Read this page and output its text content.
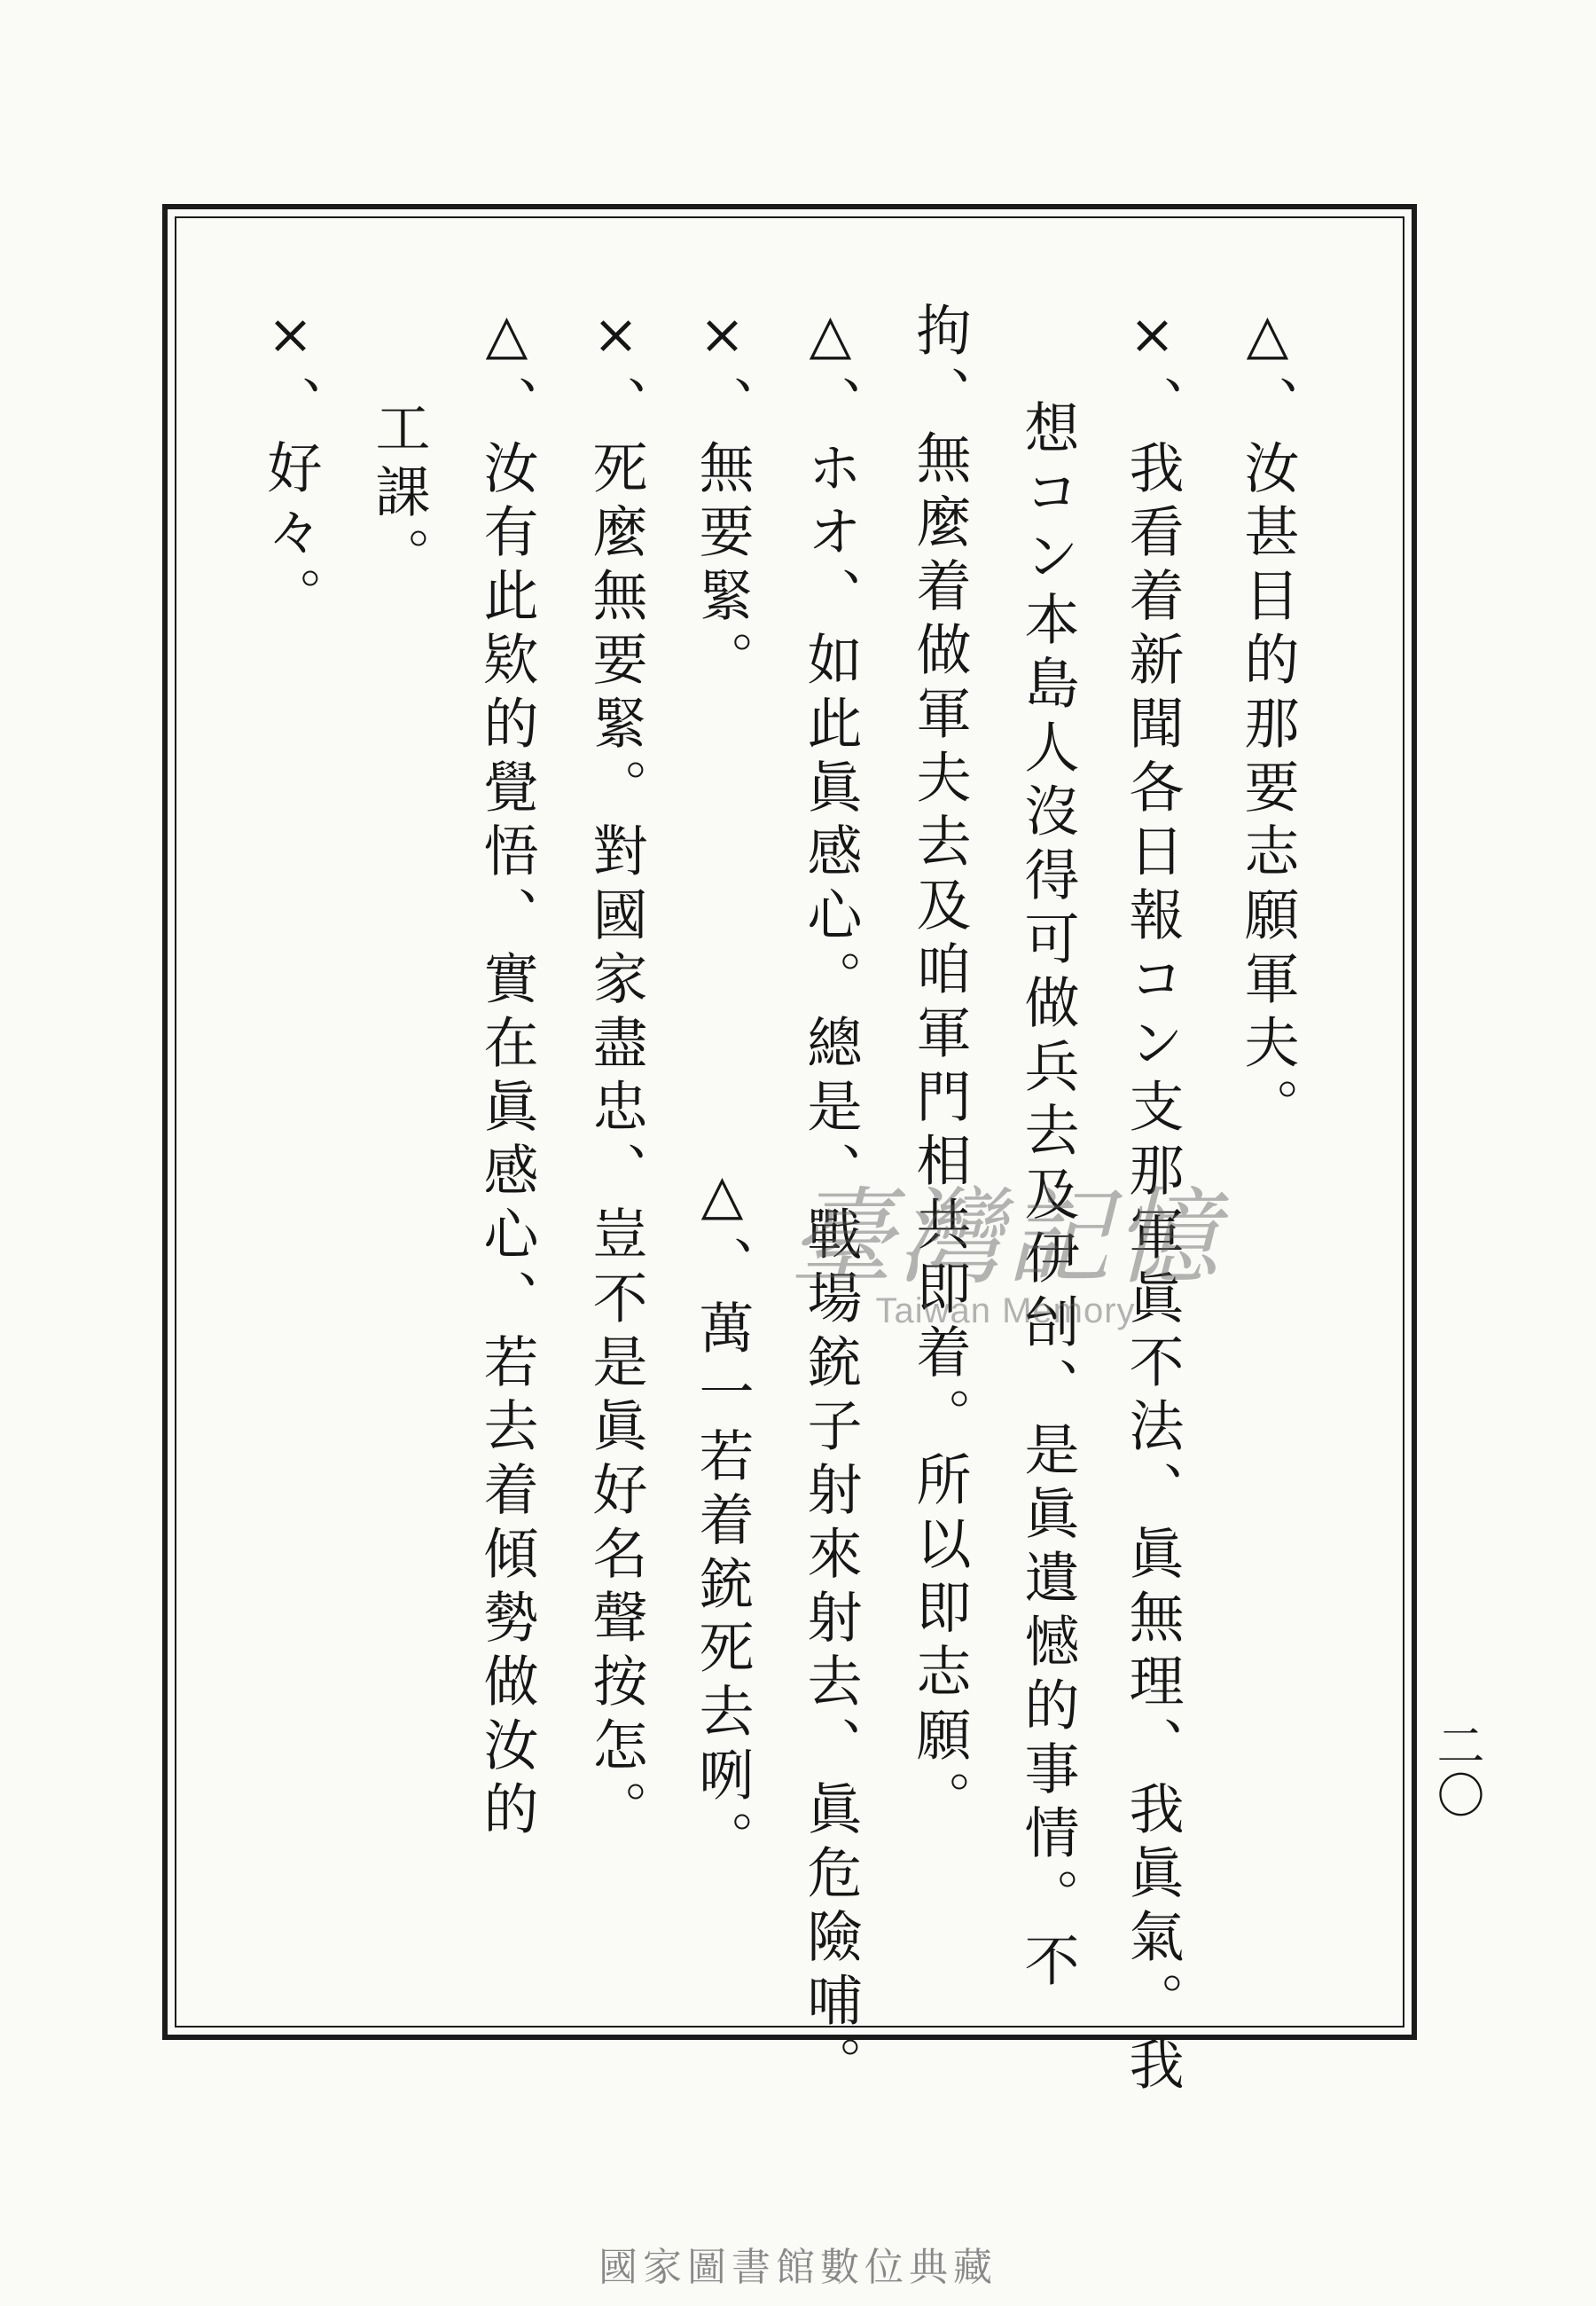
△、汝甚目的那要志願軍夫。
×、我看着新聞各日報コン支那軍眞不法、眞無理、我眞氣。我
想コン本島人沒得可做兵去及伊刣、是眞遺憾的事情。不
拘、無麼着做軍夫去及咱軍門相共即着。所以即志願。
△、ホオ、如此眞感心。總是、戰場銃子射來射去、眞危險哺。
×、無要緊。
△、萬一若着銃死去咧。
×、死麼無要緊。對國家盡忠、豈不是眞好名聲按怎。
△、汝有此欵的覺悟、實在眞感心、若去着傾勢做汝的
工課。
×、好々。
二〇
臺灣記憶
Taiwan Memory
國家圖書館數位典藏
